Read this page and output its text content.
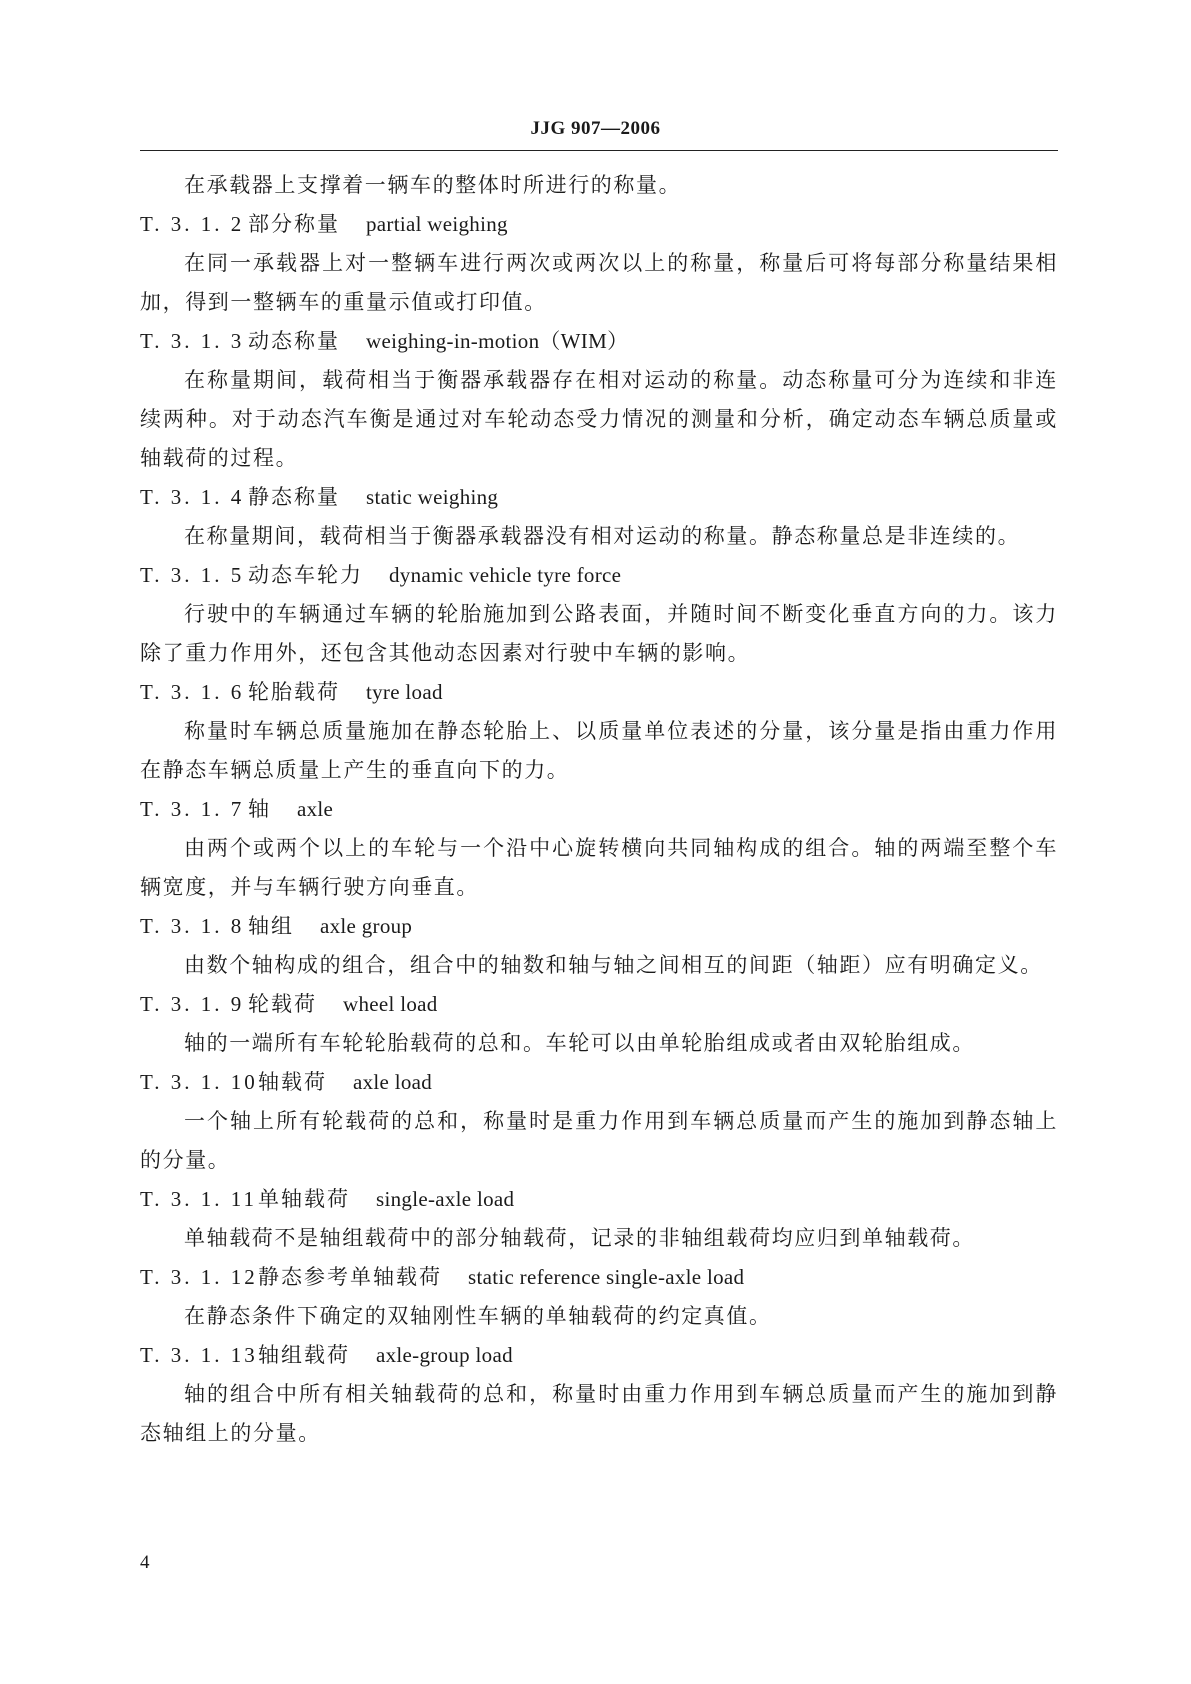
JJG 907—2006

在承载器上支撑着一辆车的整体时所进行的称量。

T. 3. 1. 2 部分称量 partial weighing

在同一承载器上对一整辆车进行两次或两次以上的称量，称量后可将每部分称量结果相加，得到一整辆车的重量示值或打印值。

T. 3. 1. 3 动态称量 weighing-in-motion（WIM）

在称量期间，载荷相当于衡器承载器存在相对运动的称量。动态称量可分为连续和非连续两种。对于动态汽车衡是通过对车轮动态受力情况的测量和分析，确定动态车辆总质量或轴载荷的过程。

T. 3. 1. 4 静态称量 static weighing

在称量期间，载荷相当于衡器承载器没有相对运动的称量。静态称量总是非连续的。

T. 3. 1. 5 动态车轮力 dynamic vehicle tyre force

行驶中的车辆通过车辆的轮胎施加到公路表面，并随时间不断变化垂直方向的力。该力除了重力作用外，还包含其他动态因素对行驶中车辆的影响。

T. 3. 1. 6 轮胎载荷 tyre load

称量时车辆总质量施加在静态轮胎上、以质量单位表述的分量，该分量是指由重力作用在静态车辆总质量上产生的垂直向下的力。

T. 3. 1. 7 轴 axle

由两个或两个以上的车轮与一个沿中心旋转横向共同轴构成的组合。轴的两端至整个车辆宽度，并与车辆行驶方向垂直。

T. 3. 1. 8 轴组 axle group

由数个轴构成的组合，组合中的轴数和轴与轴之间相互的间距（轴距）应有明确定义。

T. 3. 1. 9 轮载荷 wheel load

轴的一端所有车轮轮胎载荷的总和。车轮可以由单轮胎组成或者由双轮胎组成。

T. 3. 1. 10轴载荷 axle load

一个轴上所有轮载荷的总和，称量时是重力作用到车辆总质量而产生的施加到静态轴上的分量。

T. 3. 1. 11单轴载荷 single-axle load

单轴载荷不是轴组载荷中的部分轴载荷，记录的非轴组载荷均应归到单轴载荷。

T. 3. 1. 12静态参考单轴载荷 static reference single-axle load

在静态条件下确定的双轴刚性车辆的单轴载荷的约定真值。

T. 3. 1. 13轴组载荷 axle-group load

轴的组合中所有相关轴载荷的总和，称量时由重力作用到车辆总质量而产生的施加到静态轴组上的分量。

4
